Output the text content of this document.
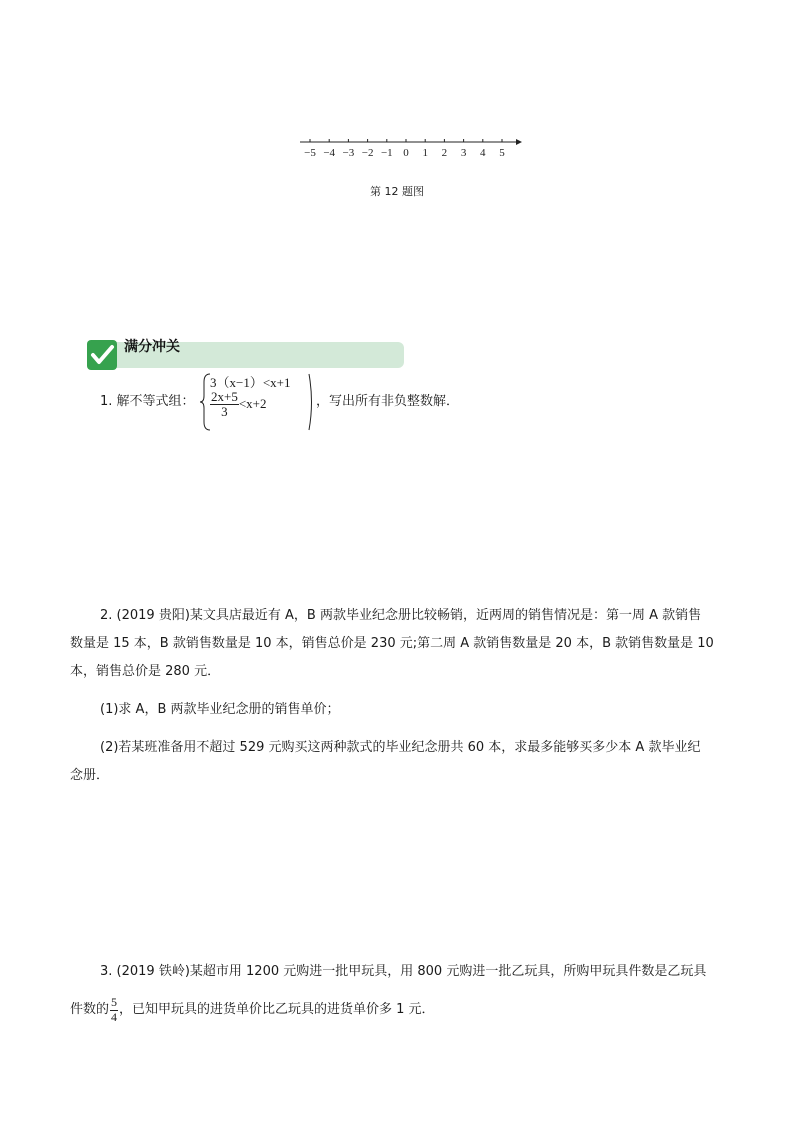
−5 −4 −3 −2 −1 0 1 2 3 4 5
第 12 题图
满分冲关
1. 解不等式组：
3（x−1）<x+1
$\frac{2x+5}{3} <x+2$	，写出所有非负整数解．
2. (2019 贵阳)某文具店最近有 A，B 两款毕业纪念册比较畅销，近两周的销售情况是：第一周 A 款销售
数量是 15 本，B 款销售数量是 10 本，销售总价是 230 元;第二周 A 款销售数量是 20 本，B 款销售数量是 10
本，销售总价是 280 元．
(1)求 A，B 两款毕业纪念册的销售单价；
(2)若某班准备用不超过 529 元购买这两种款式的毕业纪念册共 60 本，求最多能够买多少本 A 款毕业纪
念册．
3. (2019 铁岭)某超市用 1200 元购进一批甲玩具，用 800 元购进一批乙玩具，所购甲玩具件数是乙玩具
件数的 $\frac{5}{4}$ ，已知甲玩具的进货单价比乙玩具的进货单价多 1 元．
